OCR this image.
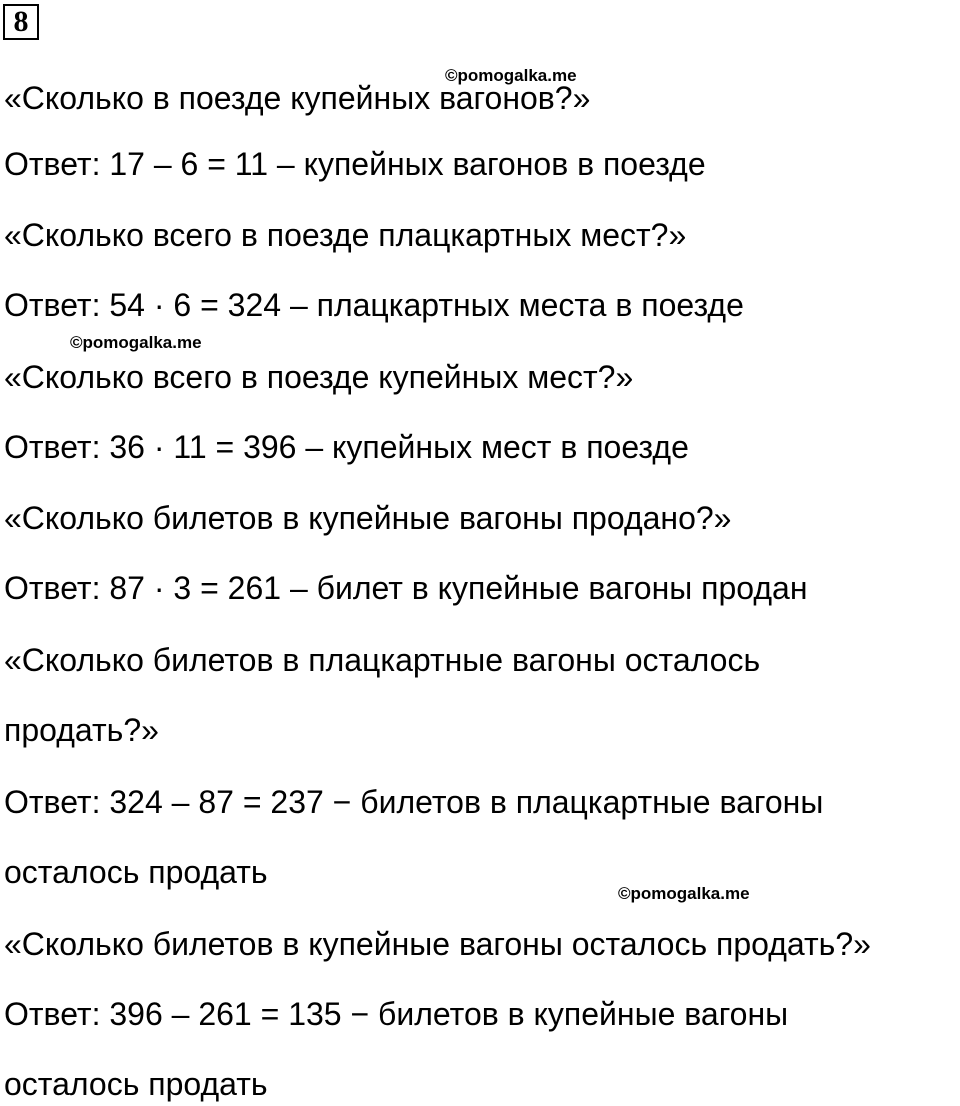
8

«Сколько в поезде купейных вагонов?»

Ответ: 17 – 6 = 11 – купейных вагонов в поезде

«Сколько всего в поезде плацкартных мест?»

Ответ: 54 · 6 = 324 – плацкартных места в поезде

«Сколько всего в поезде купейных мест?»

Ответ: 36 · 11 = 396 – купейных мест в поезде

«Сколько билетов в купейные вагоны продано?»

Ответ: 87 · 3 = 261 – билет в купейные вагоны продан

«Сколько билетов в плацкартные вагоны осталось

продать?»

Ответ: 324 – 87 = 237 − билетов в плацкартные вагоны

осталось продать

«Сколько билетов в купейные вагоны осталось продать?»

Ответ: 396 – 261 = 135 − билетов в купейные вагоны

осталось продать

©pomogalka.me
©pomogalka.me
©pomogalka.me
